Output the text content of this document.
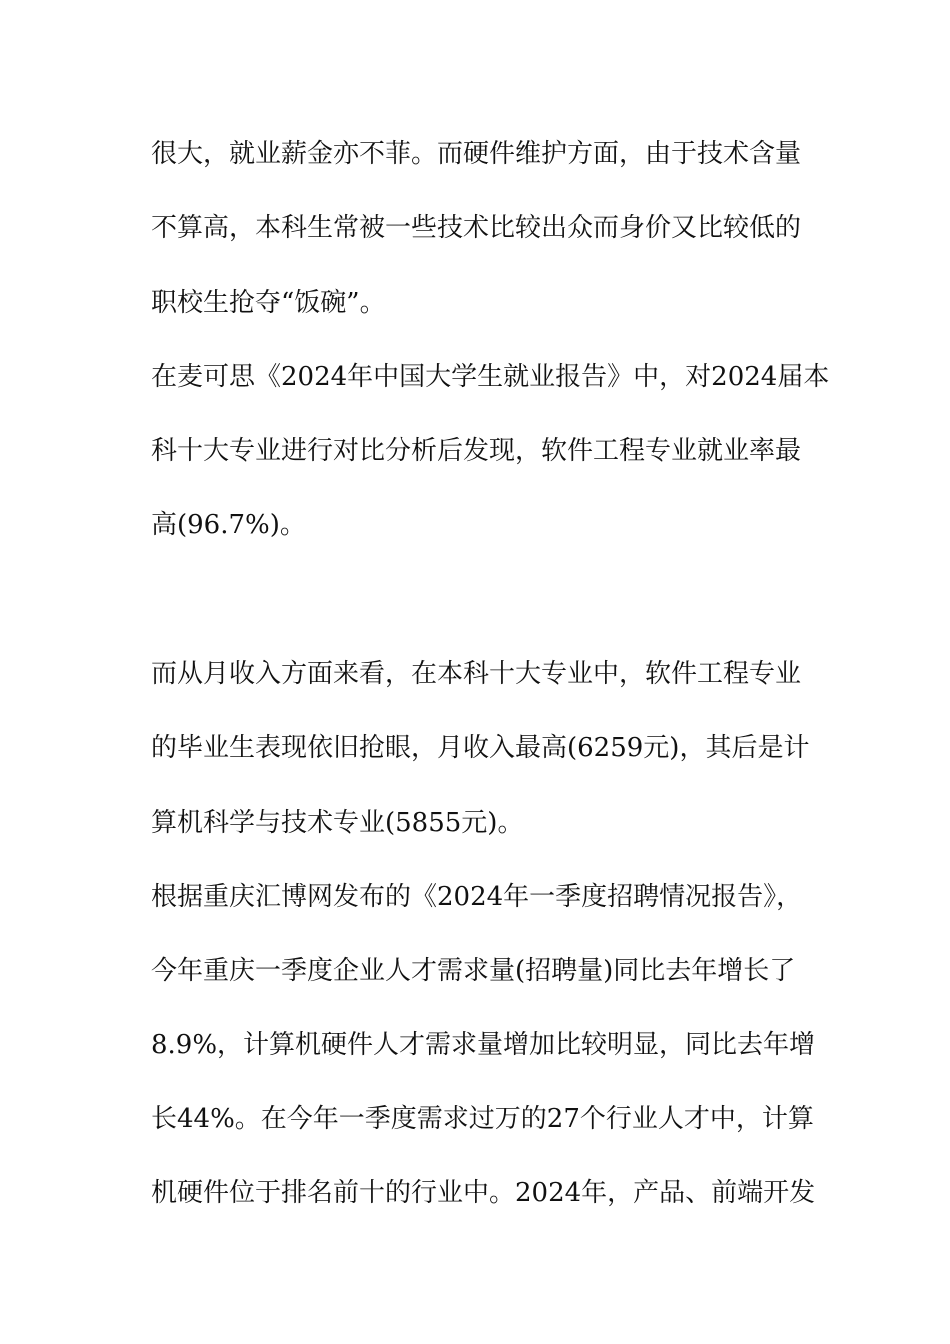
很大，就业薪金亦不菲。而硬件维护方面，由于技术含量
不算高，本科生常被一些技术比较出众而身价又比较低的
职校生抢夺“饭碗”。
在麦可思《2024年中国大学生就业报告》中，对2024届本
科十大专业进行对比分析后发现，软件工程专业就业率最
高(96.7%)。
而从月收入方面来看，在本科十大专业中，软件工程专业
的毕业生表现依旧抢眼，月收入最高(6259元)，其后是计
算机科学与技术专业(5855元)。
根据重庆汇博网发布的《2024年一季度招聘情况报告》，
今年重庆一季度企业人才需求量(招聘量)同比去年增长了
8.9%，计算机硬件人才需求量增加比较明显，同比去年增
长44%。在今年一季度需求过万的27个行业人才中，计算
机硬件位于排名前十的行业中。2024年，产品、前端开发
